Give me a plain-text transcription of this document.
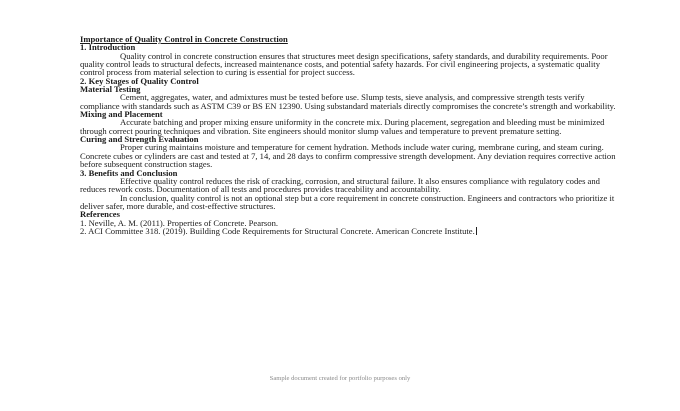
Importance of Quality Control in Concrete Construction
1. Introduction
Quality control in concrete construction ensures that structures meet design specifications, safety standards, and durability requirements. Poor quality control leads to structural defects, increased maintenance costs, and potential safety hazards. For civil engineering projects, a systematic quality control process from material selection to curing is essential for project success.
2. Key Stages of Quality Control
Material Testing
Cement, aggregates, water, and admixtures must be tested before use. Slump tests, sieve analysis, and compressive strength tests verify compliance with standards such as ASTM C39 or BS EN 12390. Using substandard materials directly compromises the concrete’s strength and workability.
Mixing and Placement
Accurate batching and proper mixing ensure uniformity in the concrete mix. During placement, segregation and bleeding must be minimized through correct pouring techniques and vibration. Site engineers should monitor slump values and temperature to prevent premature setting.
Curing and Strength Evaluation
Proper curing maintains moisture and temperature for cement hydration. Methods include water curing, membrane curing, and steam curing. Concrete cubes or cylinders are cast and tested at 7, 14, and 28 days to confirm compressive strength development. Any deviation requires corrective action before subsequent construction stages.
3. Benefits and Conclusion
Effective quality control reduces the risk of cracking, corrosion, and structural failure. It also ensures compliance with regulatory codes and reduces rework costs. Documentation of all tests and procedures provides traceability and accountability.
In conclusion, quality control is not an optional step but a core requirement in concrete construction. Engineers and contractors who prioritize it deliver safer, more durable, and cost-effective structures.
References
1. Neville, A. M. (2011). Properties of Concrete. Pearson.
2. ACI Committee 318. (2019). Building Code Requirements for Structural Concrete. American Concrete Institute.
Sample document created for portfolio purposes only
